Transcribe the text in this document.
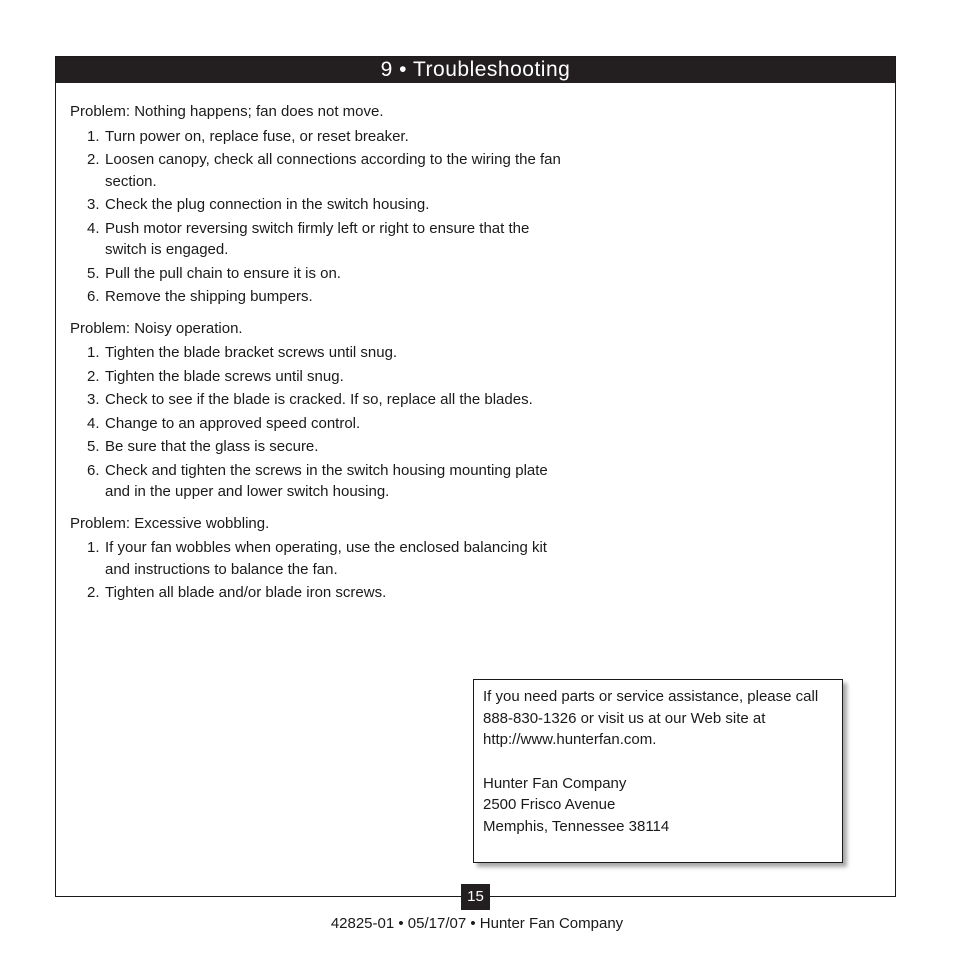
9 • Troubleshooting

Problem: Nothing happens; fan does not move.

1. Turn power on, replace fuse, or reset breaker.
2. Loosen canopy, check all connections according to the wiring the fan section.
3. Check the plug connection in the switch housing.
4. Push motor reversing switch firmly left or right to ensure that the switch is engaged.
5. Pull the pull chain to ensure it is on.
6. Remove the shipping bumpers.

Problem: Noisy operation.

1. Tighten the blade bracket screws until snug.
2. Tighten the blade screws until snug.
3. Check to see if the blade is cracked. If so, replace all the blades.
4. Change to an approved speed control.
5. Be sure that the glass is secure.
6. Check and tighten the screws in the switch housing mounting plate and in the upper and lower switch housing.

Problem: Excessive wobbling.

1. If your fan wobbles when operating, use the enclosed balancing kit and instructions to balance the fan.
2. Tighten all blade and/or blade iron screws.

If you need parts or service assistance, please call 888-830-1326 or visit us at our Web site at http://www.hunterfan.com.

Hunter Fan Company

2500 Frisco Avenue

Memphis, Tennessee 38114

15
42825-01 • 05/17/07 • Hunter Fan Company
